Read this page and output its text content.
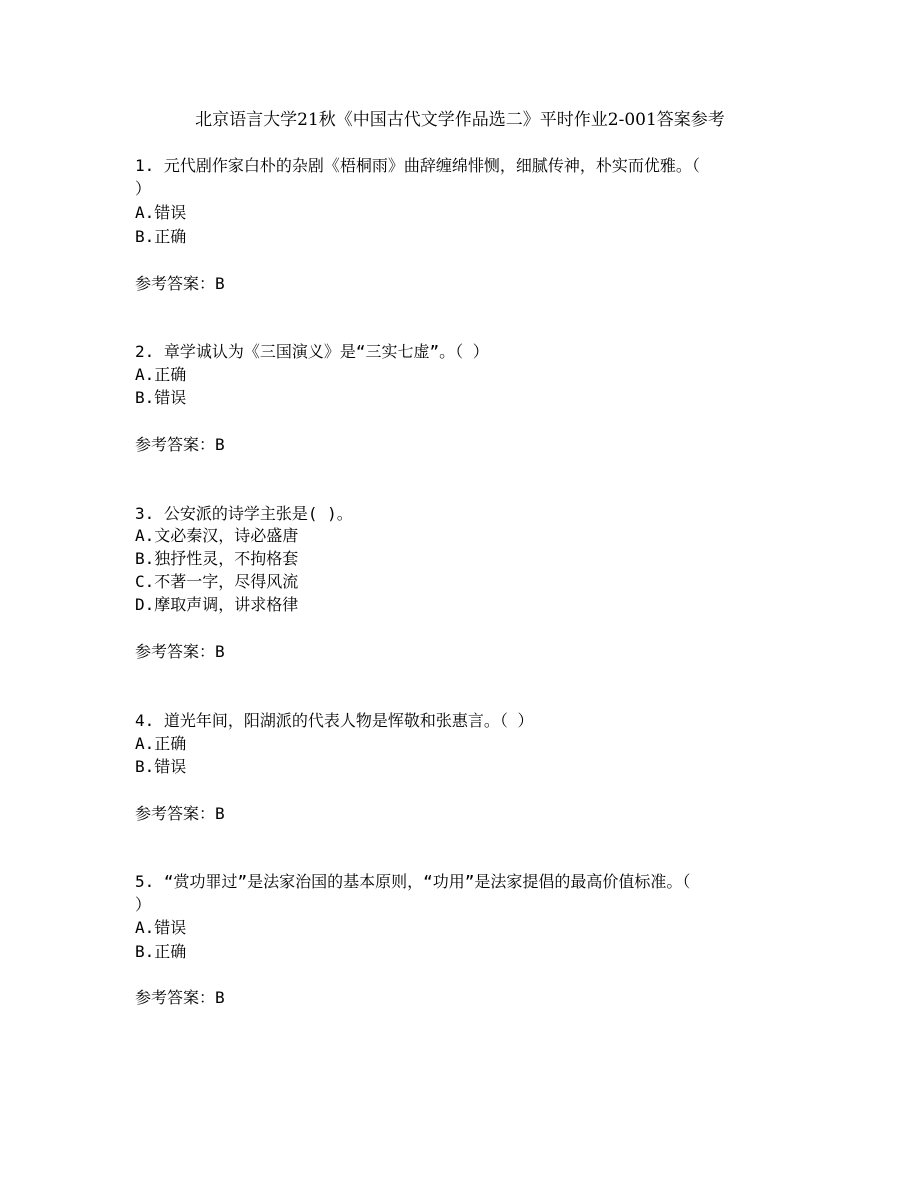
北京语言大学21秋《中国古代文学作品选二》平时作业2-001答案参考
1. 元代剧作家白朴的杂剧《梧桐雨》曲辞缠绵悱恻，细腻传神，朴实而优雅。（
）
A.错误
B.正确
参考答案：B
2. 章学诚认为《三国演义》是“三实七虚”。（ ）
A.正确
B.错误
参考答案：B
3. 公安派的诗学主张是( )。
A.文必秦汉，诗必盛唐
B.独抒性灵，不拘格套
C.不著一字，尽得风流
D.摩取声调，讲求格律
参考答案：B
4. 道光年间，阳湖派的代表人物是恽敬和张惠言。（ ）
A.正确
B.错误
参考答案：B
5. “赏功罪过”是法家治国的基本原则，“功用”是法家提倡的最高价值标准。（
）
A.错误
B.正确
参考答案：B
